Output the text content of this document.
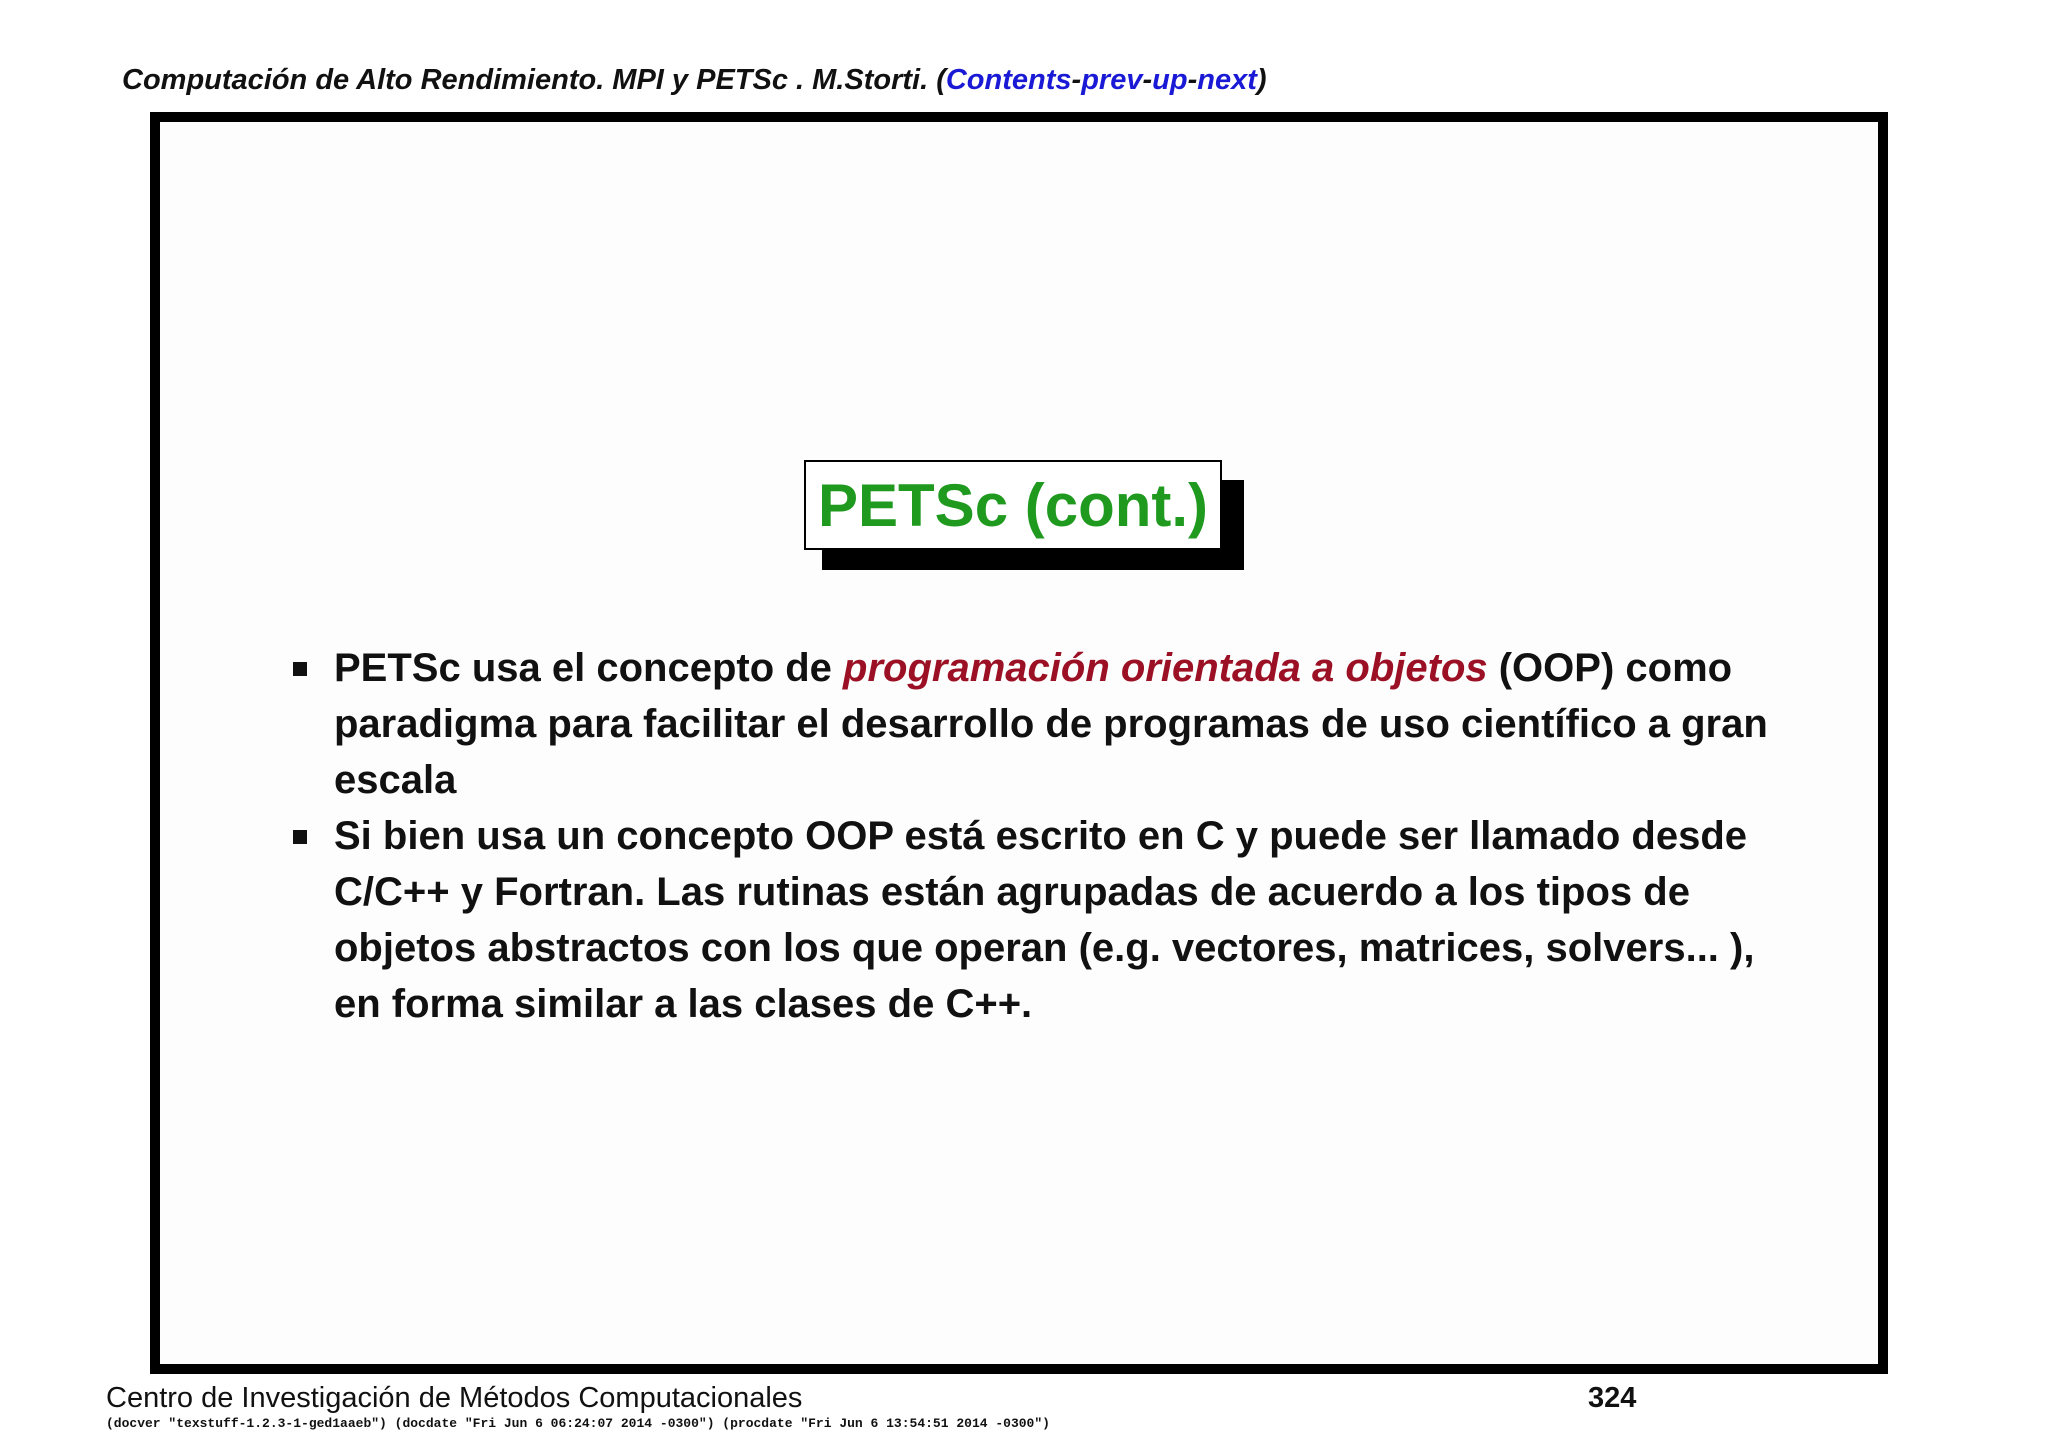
Computación de Alto Rendimiento. MPI y PETSc . M.Storti. (Contents-prev-up-next)
PETSc (cont.)
PETSc usa el concepto de programación orientada a objetos (OOP) como paradigma para facilitar el desarrollo de programas de uso científico a gran escala
Si bien usa un concepto OOP está escrito en C y puede ser llamado desde C/C++ y Fortran. Las rutinas están agrupadas de acuerdo a los tipos de objetos abstractos con los que operan (e.g. vectores, matrices, solvers... ), en forma similar a las clases de C++.
Centro de Investigación de Métodos Computacionales	324
(docver "texstuff-1.2.3-1-ged1aaeb") (docdate "Fri Jun 6 06:24:07 2014 -0300") (procdate "Fri Jun 6 13:54:51 2014 -0300")
